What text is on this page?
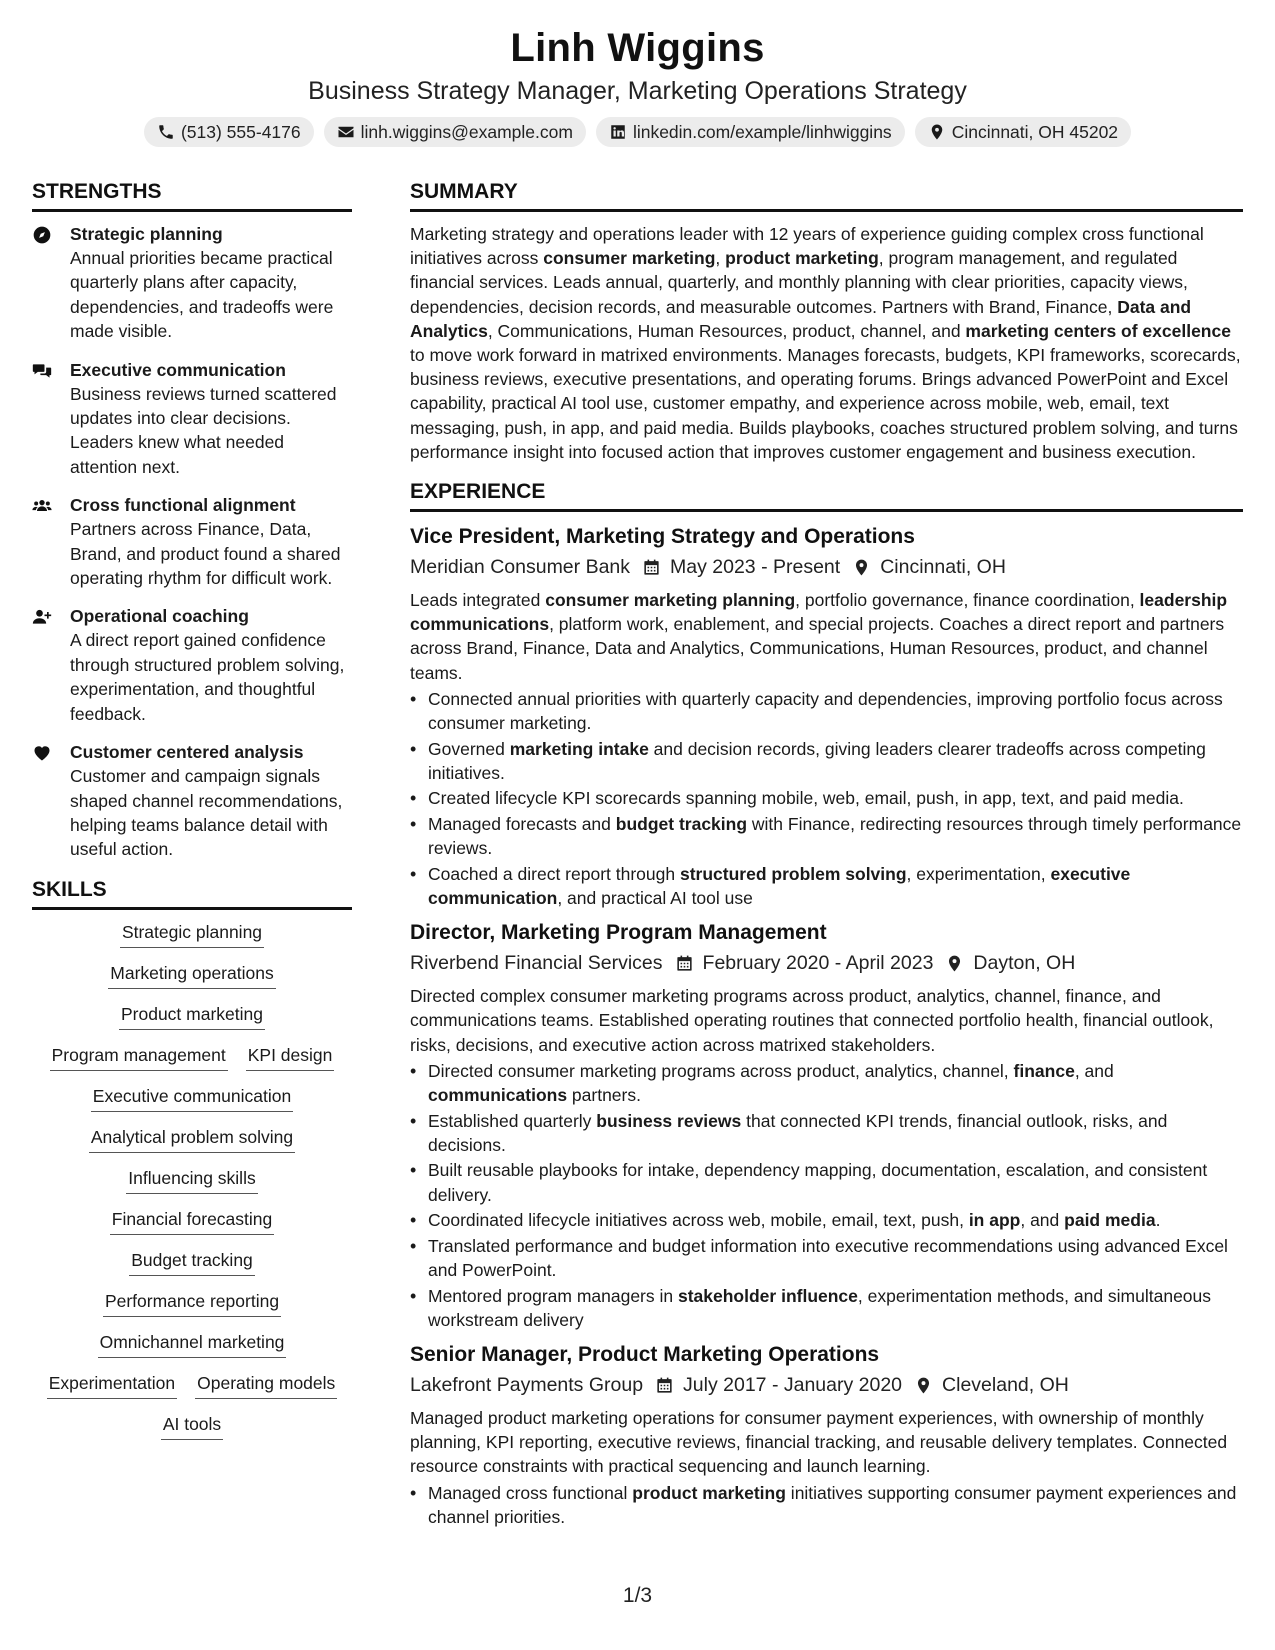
Linh Wiggins
Business Strategy Manager, Marketing Operations Strategy
(513) 555-4176	linh.wiggins@example.com	linkedin.com/example/linhwiggins	Cincinnati, OH 45202
STRENGTHS
Strategic planning
Annual priorities became practical quarterly plans after capacity, dependencies, and tradeoffs were made visible.
Executive communication
Business reviews turned scattered updates into clear decisions. Leaders knew what needed attention next.
Cross functional alignment
Partners across Finance, Data, Brand, and product found a shared operating rhythm for difficult work.
Operational coaching
A direct report gained confidence through structured problem solving, experimentation, and thoughtful feedback.
Customer centered analysis
Customer and campaign signals shaped channel recommendations, helping teams balance detail with useful action.
SKILLS
Strategic planning
Marketing operations
Product marketing
Program management KPI design
Executive communication
Analytical problem solving
Influencing skills
Financial forecasting
Budget tracking
Performance reporting
Omnichannel marketing
Experimentation Operating models
AI tools
SUMMARY

Marketing strategy and operations leader with 12 years of experience guiding complex cross functional initiatives across consumer marketing, product marketing, program management, and regulated financial services. Leads annual, quarterly, and monthly planning with clear priorities, capacity views, dependencies, decision records, and measurable outcomes. Partners with Brand, Finance, Data and Analytics, Communications, Human Resources, product, channel, and marketing centers of excellence to move work forward in matrixed environments. Manages forecasts, budgets, KPI frameworks, scorecards, business reviews, executive presentations, and operating forums. Brings advanced PowerPoint and Excel capability, practical AI tool use, customer empathy, and experience across mobile, web, email, text messaging, push, in app, and paid media. Builds playbooks, coaches structured problem solving, and turns performance insight into focused action that improves customer engagement and business execution.

EXPERIENCE
Vice President, Marketing Strategy and Operations
Meridian Consumer Bank May 2023 - Present Cincinnati, OH

Leads integrated consumer marketing planning, portfolio governance, finance coordination, leadership communications, platform work, enablement, and special projects. Coaches a direct report and partners across Brand, Finance, Data and Analytics, Communications, Human Resources, product, and channel teams.

• Connected annual priorities with quarterly capacity and dependencies, improving portfolio focus across consumer marketing.
• Governed marketing intake and decision records, giving leaders clearer tradeoffs across competing initiatives.
• Created lifecycle KPI scorecards spanning mobile, web, email, push, in app, text, and paid media.
• Managed forecasts and budget tracking with Finance, redirecting resources through timely performance reviews.
• Coached a direct report through structured problem solving, experimentation, executive communication, and practical AI tool use
Director, Marketing Program Management
Riverbend Financial Services February 2020 - April 2023 Dayton, OH

Directed complex consumer marketing programs across product, analytics, channel, finance, and communications teams. Established operating routines that connected portfolio health, financial outlook, risks, decisions, and executive action across matrixed stakeholders.

• Directed consumer marketing programs across product, analytics, channel, finance, and communications partners.
• Established quarterly business reviews that connected KPI trends, financial outlook, risks, and decisions.
• Built reusable playbooks for intake, dependency mapping, documentation, escalation, and consistent delivery.
• Coordinated lifecycle initiatives across web, mobile, email, text, push, in app, and paid media.
• Translated performance and budget information into executive recommendations using advanced Excel and PowerPoint.
• Mentored program managers in stakeholder influence, experimentation methods, and simultaneous workstream delivery
Senior Manager, Product Marketing Operations
Lakefront Payments Group July 2017 - January 2020 Cleveland, OH

Managed product marketing operations for consumer payment experiences, with ownership of monthly planning, KPI reporting, executive reviews, financial tracking, and reusable delivery templates. Connected resource constraints with practical sequencing and launch learning.

• Managed cross functional product marketing initiatives supporting consumer payment experiences and channel priorities.
1/3
